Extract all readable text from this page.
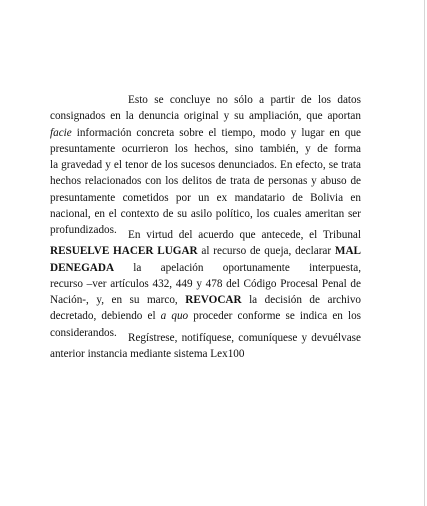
Esto se concluye no sólo a partir de los datos
consignados en la denuncia original y su ampliación, que aportan
facie información concreta sobre el tiempo, modo y lugar en que
presuntamente ocurrieron los hechos, sino también, y de forma
la gravedad y el tenor de los sucesos denunciados. En efecto, se trata
hechos relacionados con los delitos de trata de personas y abuso de
presuntamente cometidos por un ex mandatario de Bolivia en
nacional, en el contexto de su asilo político, los cuales ameritan ser
profundizados. En virtud del acuerdo que antecede, el Tribunal
RESUELVE HACER LUGAR al recurso de queja, declarar MAL
DENEGADA la apelación oportunamente interpuesta,
recurso –ver artículos 432, 449 y 478 del Código Procesal Penal de
Nación-, y, en su marco, REVOCAR la decisión de archivo
decretado, debiendo el a quo proceder conforme se indica en los
considerandos. Regístrese, notifíquese, comuníquese y devuélvase
anterior instancia mediante sistema Lex100
